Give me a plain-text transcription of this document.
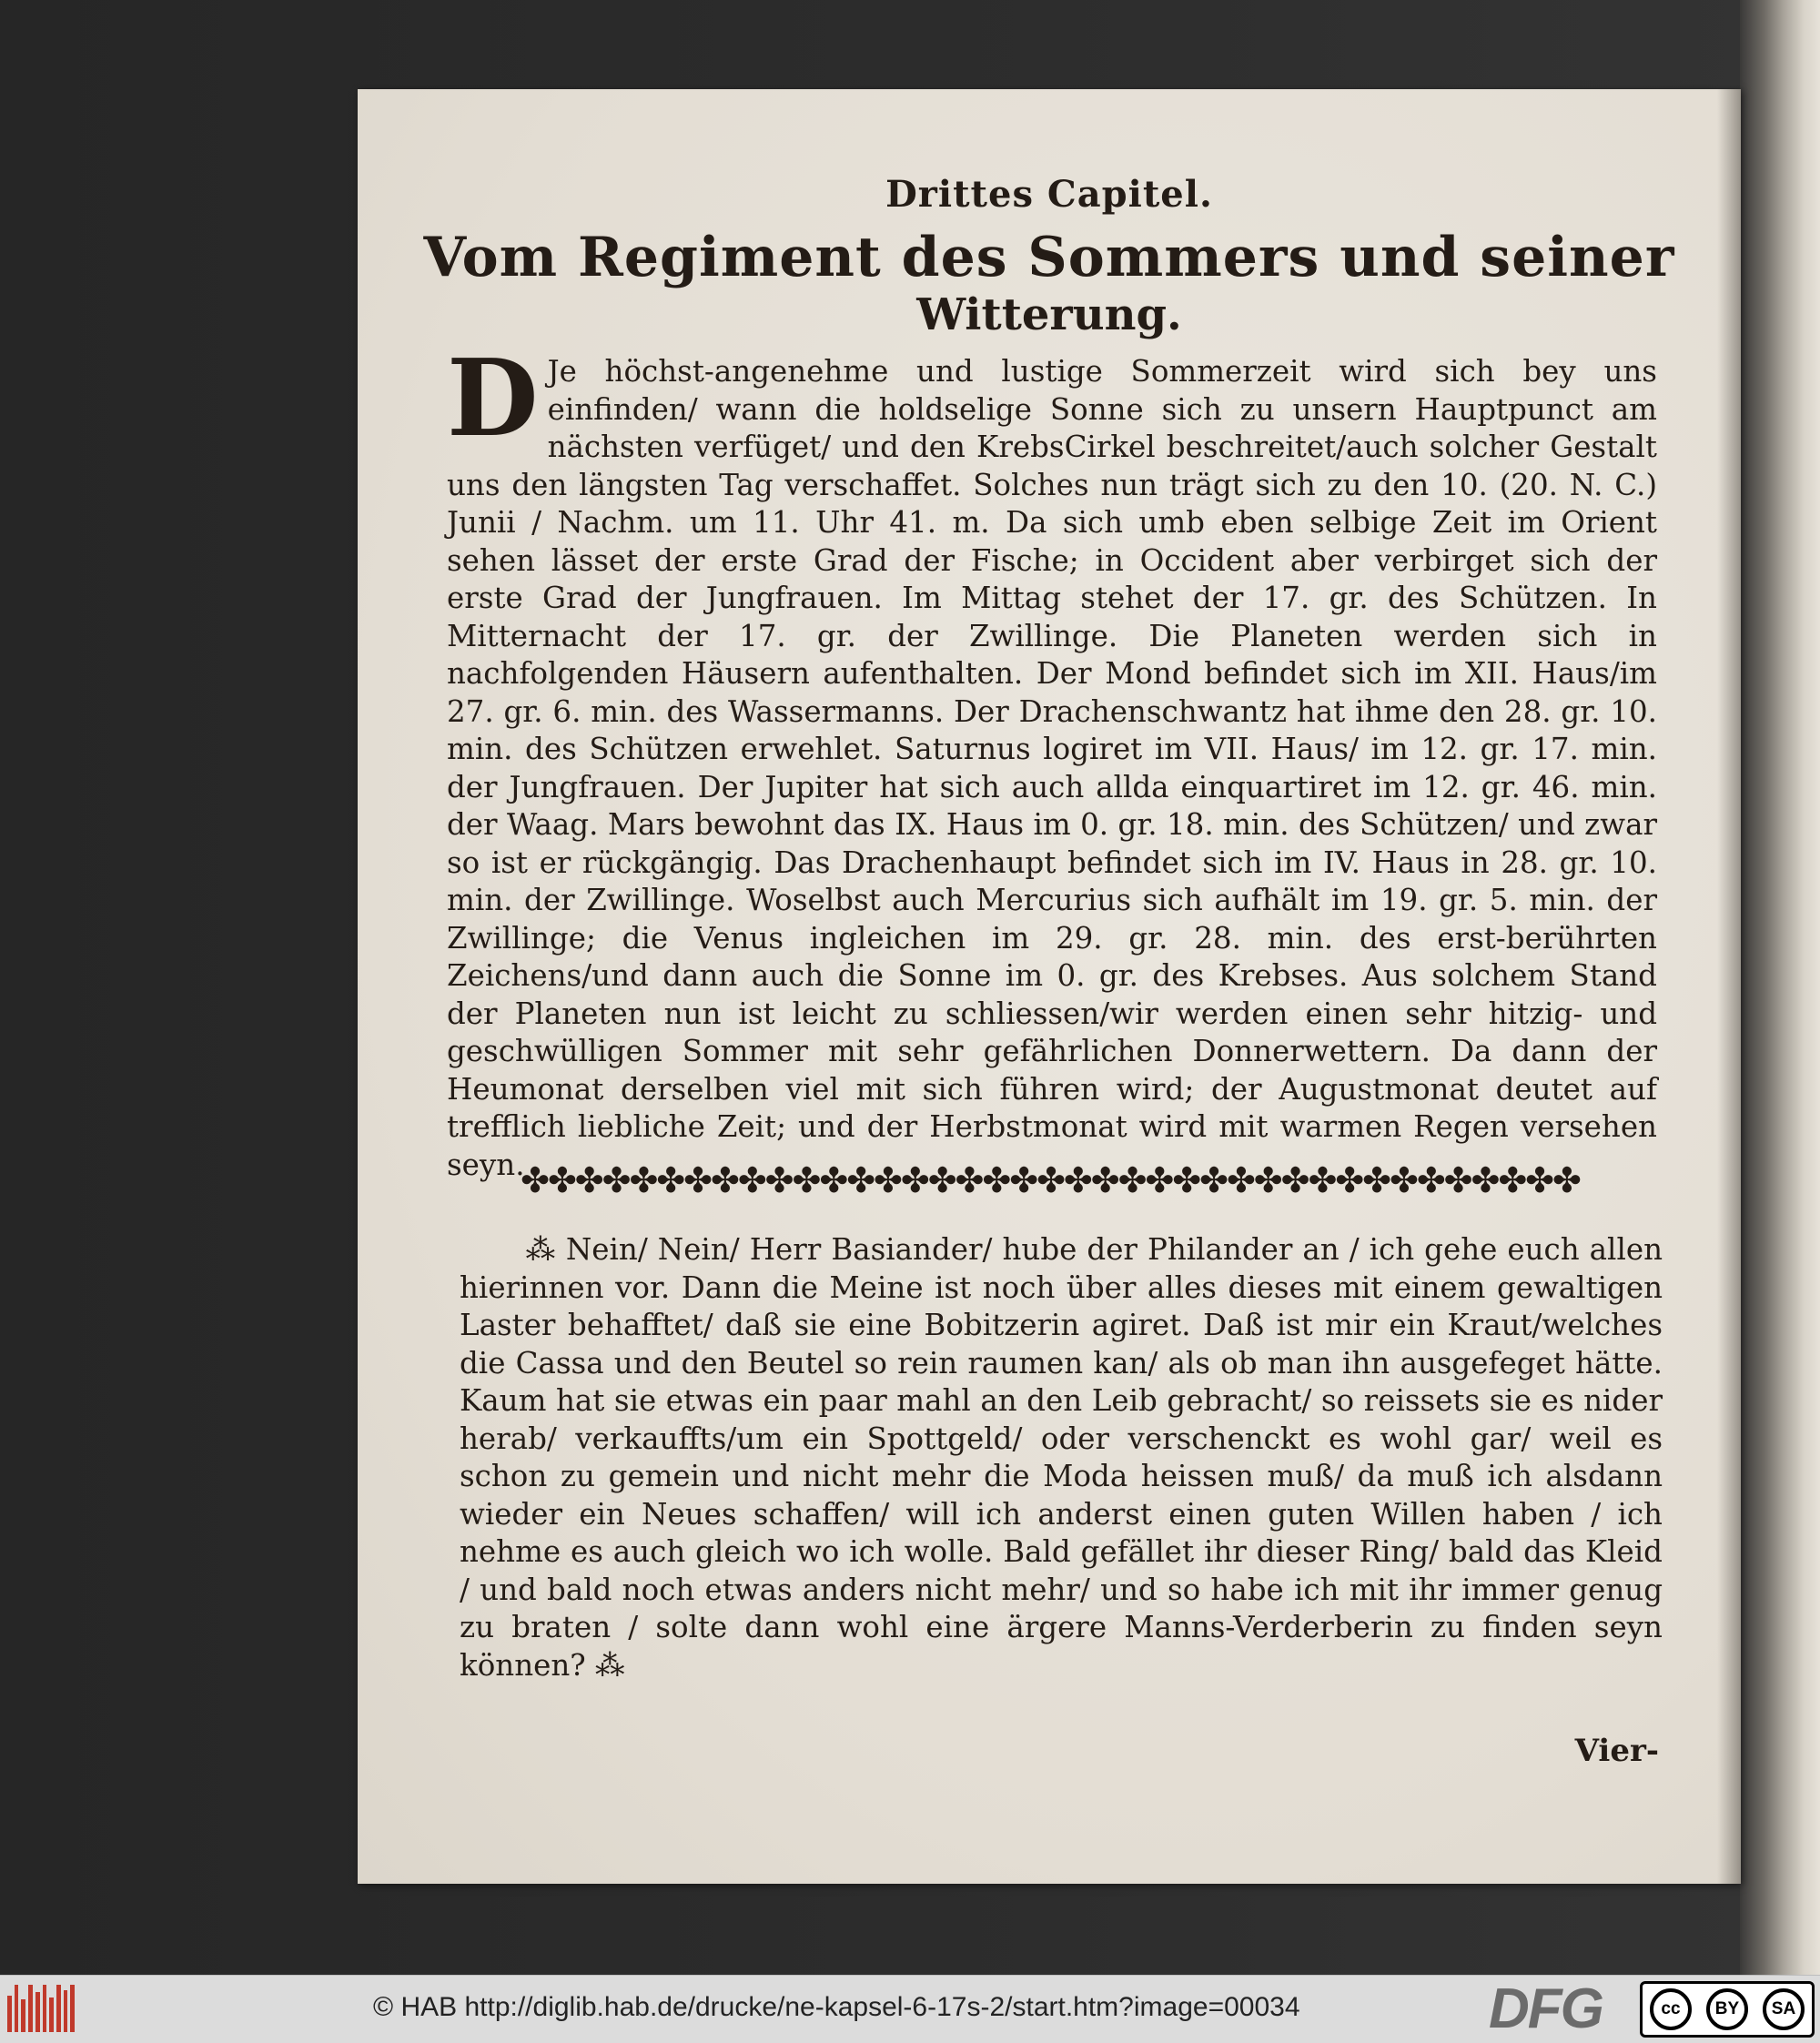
Drittes Capitel.
Vom Regiment des Sommers und seiner
Witterung.
D Je höchst-angenehme und lustige Sommerzeit wird sich bey uns einfinden/ wann die holdselige Sonne sich zu unsern Hauptpunct am nächsten verfüget/ und den KrebsCirkel beschreitet/auch solcher Gestalt uns den längsten Tag verschaffet. Solches nun trägt sich zu den 10. (20. N. C.) Junii / Nachm. um 11. Uhr 41. m. Da sich umb eben selbige Zeit im Orient sehen lässet der erste Grad der Fische; in Occident aber verbirget sich der erste Grad der Jungfrauen. Im Mittag stehet der 17. gr. des Schützen. In Mitternacht der 17. gr. der Zwillinge. Die Planeten werden sich in nachfolgenden Häusern aufenthalten. Der Mond befindet sich im XII. Haus/im 27. gr. 6. min. des Wassermanns. Der Drachenschwantz hat ihme den 28. gr. 10. min. des Schützen erwehlet. Saturnus logiret im VII. Haus/ im 12. gr. 17. min. der Jungfrauen. Der Jupiter hat sich auch allda einquartiret im 12. gr. 46. min. der Waag. Mars bewohnt das IX. Haus im 0. gr. 18. min. des Schützen/ und zwar so ist er rückgängig. Das Drachenhaupt befindet sich im IV. Haus in 28. gr. 10. min. der Zwillinge. Woselbst auch Mercurius sich aufhält im 19. gr. 5. min. der Zwillinge; die Venus ingleichen im 29. gr. 28. min. des erst-berührten Zeichens/und dann auch die Sonne im 0. gr. des Krebses. Aus solchem Stand der Planeten nun ist leicht zu schliessen/wir werden einen sehr hitzig- und geschwülligen Sommer mit sehr gefährlichen Donnerwettern. Da dann der Heumonat derselben viel mit sich führen wird; der Augustmonat deutet auf trefflich liebliche Zeit; und der Herbstmonat wird mit warmen Regen versehen seyn.
✤✤✤✤✤✤✤✤✤✤✤✤✤✤✤✤✤✤✤✤✤✤✤✤✤✤✤✤✤✤✤✤✤✤✤✤✤✤✤
⁂ Nein/ Nein/ Herr Basiander/ hube der Philander an / ich gehe euch allen hierinnen vor. Dann die Meine ist noch über alles dieses mit einem gewaltigen Laster behafftet/ daß sie eine Bobitzerin agiret. Daß ist mir ein Kraut/welches die Cassa und den Beutel so rein raumen kan/ als ob man ihn ausgefeget hätte. Kaum hat sie etwas ein paar mahl an den Leib gebracht/ so reissets sie es nider herab/ verkauffts/um ein Spottgeld/ oder verschenckt es wohl gar/ weil es schon zu gemein und nicht mehr die Moda heissen muß/ da muß ich alsdann wieder ein Neues schaffen/ will ich anderst einen guten Willen haben / ich nehme es auch gleich wo ich wolle. Bald gefället ihr dieser Ring/ bald das Kleid / und bald noch etwas anders nicht mehr/ und so habe ich mit ihr immer genug zu braten / solte dann wohl eine ärgere Manns-Verderberin zu finden seyn können? ⁂
Vier-
© HAB http://diglib.hab.de/drucke/ne-kapsel-6-17s-2/start.htm?image=00034	DFG	cc	BY	SA
